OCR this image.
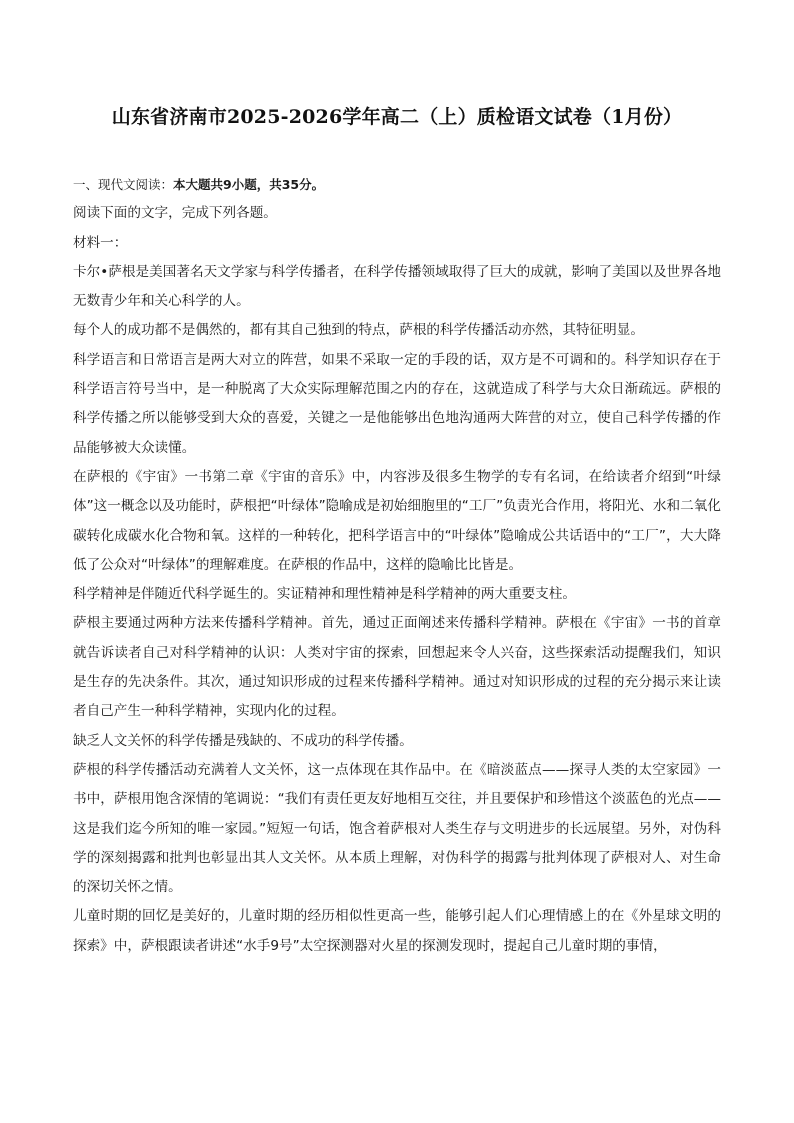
山东省济南市2025-2026学年高二（上）质检语文试卷（1月份）

一、现代文阅读：本大题共9小题，共35分。

阅读下面的文字，完成下列各题。

材料一：

卡尔•萨根是美国著名天文学家与科学传播者，在科学传播领域取得了巨大的成就，影响了美国以及世界各地无数青少年和关心科学的人。

每个人的成功都不是偶然的，都有其自己独到的特点，萨根的科学传播活动亦然，其特征明显。

科学语言和日常语言是两大对立的阵营，如果不采取一定的手段的话，双方是不可调和的。科学知识存在于科学语言符号当中，是一种脱离了大众实际理解范围之内的存在，这就造成了科学与大众日渐疏远。萨根的科学传播之所以能够受到大众的喜爱，关键之一是他能够出色地沟通两大阵营的对立，使自己科学传播的作品能够被大众读懂。

在萨根的《宇宙》一书第二章《宇宙的音乐》中，内容涉及很多生物学的专有名词，在给读者介绍到“叶绿体”这一概念以及功能时，萨根把“叶绿体”隐喻成是初始细胞里的“工厂”负责光合作用，将阳光、水和二氧化碳转化成碳水化合物和氧。这样的一种转化，把科学语言中的“叶绿体”隐喻成公共话语中的“工厂”，大大降低了公众对“叶绿体”的理解难度。在萨根的作品中，这样的隐喻比比皆是。

科学精神是伴随近代科学诞生的。实证精神和理性精神是科学精神的两大重要支柱。

萨根主要通过两种方法来传播科学精神。首先，通过正面阐述来传播科学精神。萨根在《宇宙》一书的首章就告诉读者自己对科学精神的认识：人类对宇宙的探索，回想起来令人兴奋，这些探索活动提醒我们，知识是生存的先决条件。其次，通过知识形成的过程来传播科学精神。通过对知识形成的过程的充分揭示来让读者自己产生一种科学精神，实现内化的过程。

缺乏人文关怀的科学传播是残缺的、不成功的科学传播。

萨根的科学传播活动充满着人文关怀，这一点体现在其作品中。在《暗淡蓝点——探寻人类的太空家园》一书中，萨根用饱含深情的笔调说：“我们有责任更友好地相互交往，并且要保护和珍惜这个淡蓝色的光点——这是我们迄今所知的唯一家园。”短短一句话，饱含着萨根对人类生存与文明进步的长远展望。另外，对伪科学的深刻揭露和批判也彰显出其人文关怀。从本质上理解，对伪科学的揭露与批判体现了萨根对人、对生命的深切关怀之情。

儿童时期的回忆是美好的，儿童时期的经历相似性更高一些，能够引起人们心理情感上的在《外星球文明的探索》中，萨根跟读者讲述“水手9号”太空探测器对火星的探测发现时，提起自己儿童时期的事情，
